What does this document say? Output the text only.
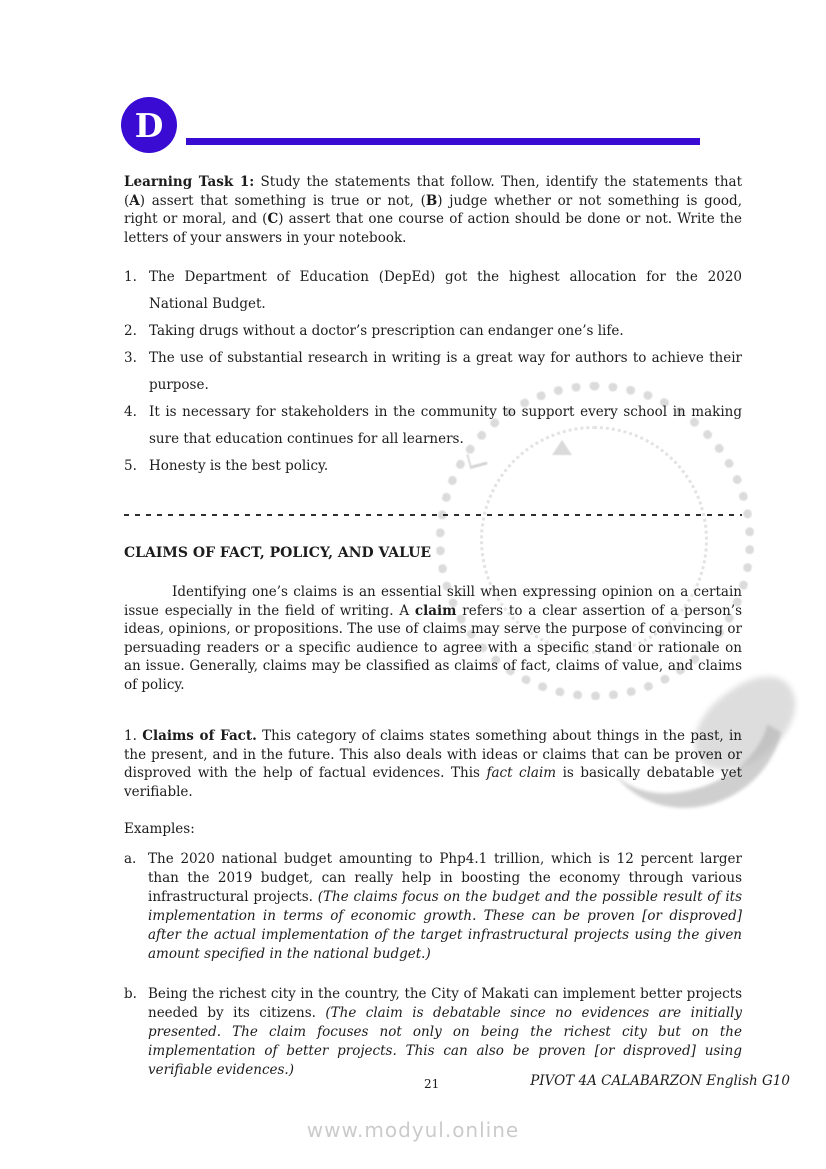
D

Learning Task 1: Study the statements that follow. Then, identify the statements that (A) assert that something is true or not, (B) judge whether or not something is good, right or moral, and (C) assert that one course of action should be done or not. Write the letters of your answers in your notebook.

1. The Department of Education (DepEd) got the highest allocation for the 2020 National Budget.
2. Taking drugs without a doctor’s prescription can endanger one’s life.
3. The use of substantial research in writing is a great way for authors to achieve their purpose.
4. It is necessary for stakeholders in the community to support every school in making sure that education continues for all learners.
5. Honesty is the best policy.
CLAIMS OF FACT, POLICY, AND VALUE

Identifying one’s claims is an essential skill when expressing opinion on a certain issue especially in the field of writing. A claim refers to a clear assertion of a person’s ideas, opinions, or propositions. The use of claims may serve the purpose of convincing or persuading readers or a specific audience to agree with a specific stand or rationale on an issue. Generally, claims may be classified as claims of fact, claims of value, and claims of policy.

1. Claims of Fact. This category of claims states something about things in the past, in the present, and in the future. This also deals with ideas or claims that can be proven or disproved with the help of factual evidences. This fact claim is basically debatable yet verifiable.

Examples:

a. The 2020 national budget amounting to Php4.1 trillion, which is 12 percent larger than the 2019 budget, can really help in boosting the economy through various infrastructural projects. (The claims focus on the budget and the possible result of its implementation in terms of economic growth. These can be proven [or disproved] after the actual implementation of the target infrastructural projects using the given amount specified in the national budget.)
b. Being the richest city in the country, the City of Makati can implement better projects needed by its citizens. (The claim is debatable since no evidences are initially presented. The claim focuses not only on being the richest city but on the implementation of better projects. This can also be proven [or disproved] using verifiable evidences.)
21	PIVOT 4A CALABARZON English G10
www.modyul.online
